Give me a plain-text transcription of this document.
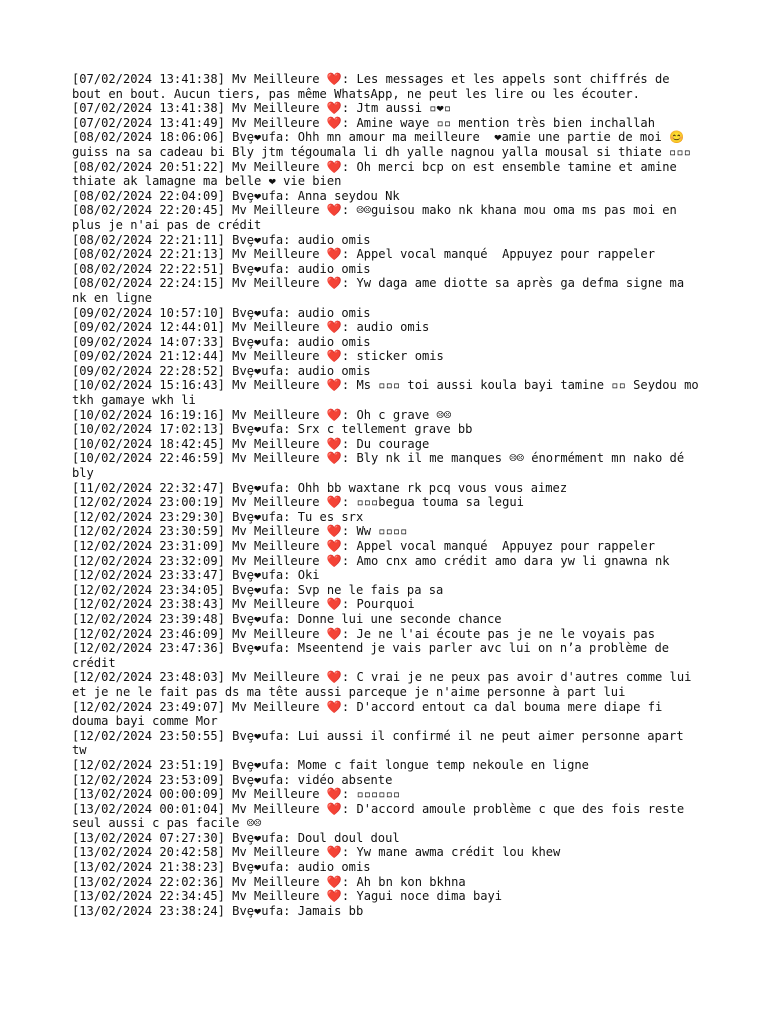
[07/02/2024 13:41:38] Mv Meilleure ❤️: Les messages et les appels sont chiffrés de bout en bout. Aucun tiers, pas même WhatsApp, ne peut les lire ou les écouter.

[07/02/2024 13:41:38] Mv Meilleure ❤️: Jtm aussi ▫❤▫

[07/02/2024 13:41:49] Mv Meilleure ❤️: Amine waye ▫▫ mention très bien inchallah

[08/02/2024 18:06:06] Bvȩ❤ufa: Ohh mn amour ma meilleure  ❤amie une partie de moi 😊guiss na sa cadeau bi Bly jtm tégoumala li dh yalle nagnou yalla mousal si thiate ▫▫▫

[08/02/2024 20:51:22] Mv Meilleure ❤️: Oh merci bcp on est ensemble tamine et amine thiate ak lamagne ma belle ❤ vie bien

[08/02/2024 22:04:09] Bvȩ❤ufa: Anna seydou Nk

[08/02/2024 22:20:45] Mv Meilleure ❤️: ☹☹guisou mako nk khana mou oma ms pas moi en plus je n'ai pas de crédit

[08/02/2024 22:21:11] Bvȩ❤ufa: audio omis

[08/02/2024 22:21:13] Mv Meilleure ❤️: Appel vocal manqué  Appuyez pour rappeler

[08/02/2024 22:22:51] Bvȩ❤ufa: audio omis

[08/02/2024 22:24:15] Mv Meilleure ❤️: Yw daga ame diotte sa après ga defma signe ma nk en ligne

[09/02/2024 10:57:10] Bvȩ❤ufa: audio omis

[09/02/2024 12:44:01] Mv Meilleure ❤️: audio omis

[09/02/2024 14:07:33] Bvȩ❤ufa: audio omis

[09/02/2024 21:12:44] Mv Meilleure ❤️: sticker omis

[09/02/2024 22:28:52] Bvȩ❤ufa: audio omis

[10/02/2024 15:16:43] Mv Meilleure ❤️: Ms ▫▫▫ toi aussi koula bayi tamine ▫▫ Seydou mo tkh gamaye wkh li

[10/02/2024 16:19:16] Mv Meilleure ❤️: Oh c grave ☹☹

[10/02/2024 17:02:13] Bvȩ❤ufa: Srx c tellement grave bb

[10/02/2024 18:42:45] Mv Meilleure ❤️: Du courage

[10/02/2024 22:46:59] Mv Meilleure ❤️: Bly nk il me manques ☹☹ énormément mn nako dé bly

[11/02/2024 22:32:47] Bvȩ❤ufa: Ohh bb waxtane rk pcq vous vous aimez

[12/02/2024 23:00:19] Mv Meilleure ❤️: ▫▫▫begua touma sa legui

[12/02/2024 23:29:30] Bvȩ❤ufa: Tu es srx

[12/02/2024 23:30:59] Mv Meilleure ❤️: Ww ▫▫▫▫

[12/02/2024 23:31:09] Mv Meilleure ❤️: Appel vocal manqué  Appuyez pour rappeler

[12/02/2024 23:32:09] Mv Meilleure ❤️: Amo cnx amo crédit amo dara yw li gnawna nk

[12/02/2024 23:33:47] Bvȩ❤ufa: Oki

[12/02/2024 23:34:05] Bvȩ❤ufa: Svp ne le fais pa sa

[12/02/2024 23:38:43] Mv Meilleure ❤️: Pourquoi

[12/02/2024 23:39:48] Bvȩ❤ufa: Donne lui une seconde chance

[12/02/2024 23:46:09] Mv Meilleure ❤️: Je ne l'ai écoute pas je ne le voyais pas

[12/02/2024 23:47:36] Bvȩ❤ufa: Mseentend je vais parler avc lui on n’a problème de crédit

[12/02/2024 23:48:03] Mv Meilleure ❤️: C vrai je ne peux pas avoir d'autres comme lui et je ne le fait pas ds ma tête aussi parceque je n'aime personne à part lui

[12/02/2024 23:49:07] Mv Meilleure ❤️: D'accord entout ca dal bouma mere diape fi douma bayi comme Mor

[12/02/2024 23:50:55] Bvȩ❤ufa: Lui aussi il confirmé il ne peut aimer personne apart tw

[12/02/2024 23:51:19] Bvȩ❤ufa: Mome c fait longue temp nekoule en ligne

[12/02/2024 23:53:09] Bvȩ❤ufa: vidéo absente

[13/02/2024 00:00:09] Mv Meilleure ❤️: ▫▫▫▫▫▫

[13/02/2024 00:01:04] Mv Meilleure ❤️: D'accord amoule problème c que des fois reste seul aussi c pas facile ☹☹

[13/02/2024 07:27:30] Bvȩ❤ufa: Doul doul doul

[13/02/2024 20:42:58] Mv Meilleure ❤️: Yw mane awma crédit lou khew

[13/02/2024 21:38:23] Bvȩ❤ufa: audio omis

[13/02/2024 22:02:36] Mv Meilleure ❤️: Ah bn kon bkhna

[13/02/2024 22:34:45] Mv Meilleure ❤️: Yagui noce dima bayi

[13/02/2024 23:38:24] Bvȩ❤ufa: Jamais bb
